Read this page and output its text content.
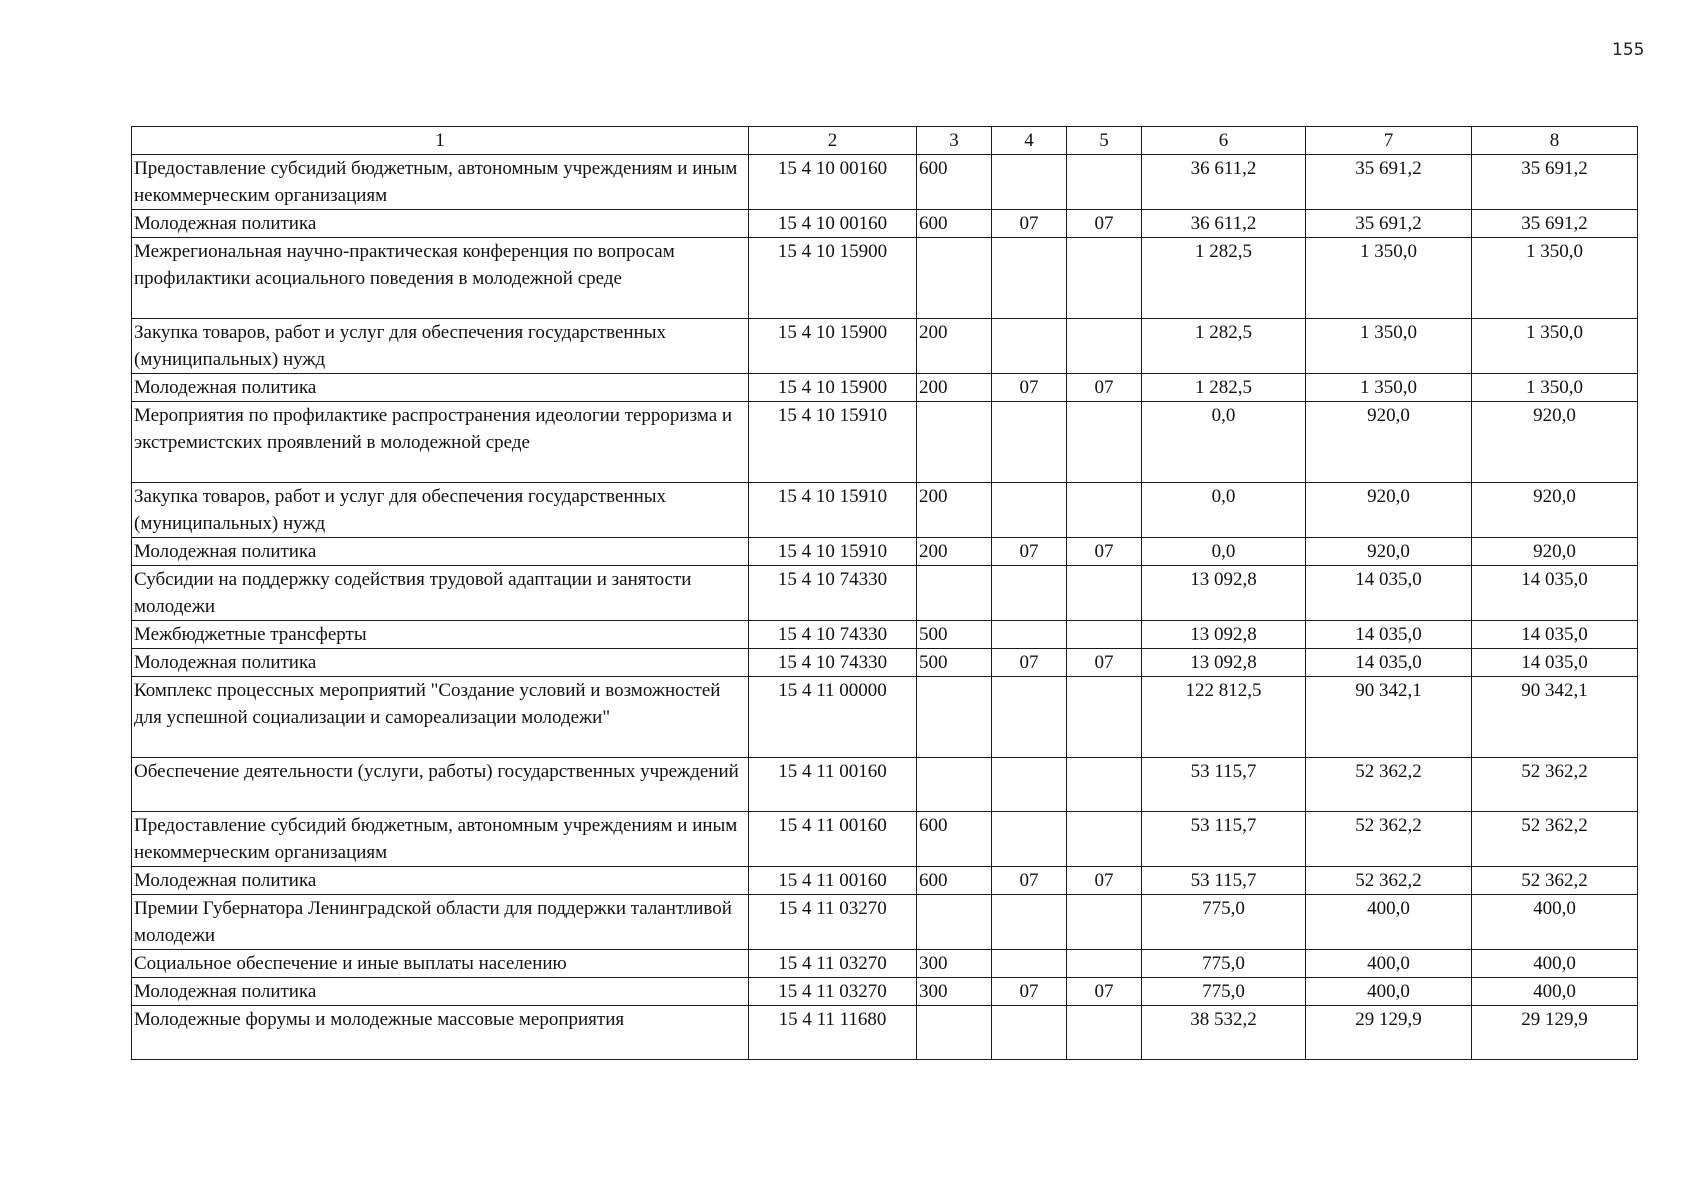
155
1	2	3	4	5	6	7	8
Предоставление субсидий бюджетным, автономным учреждениям и иным некоммерческим организациям	15 4 10 00160	600			36 611,2	35 691,2	35 691,2
Молодежная политика	15 4 10 00160	600	07	07	36 611,2	35 691,2	35 691,2
Межрегиональная научно-практическая конференция по вопросам профилактики асоциального поведения в молодежной среде	15 4 10 15900				1 282,5	1 350,0	1 350,0
Закупка товаров, работ и услуг для обеспечения государственных (муниципальных) нужд	15 4 10 15900	200			1 282,5	1 350,0	1 350,0
Молодежная политика	15 4 10 15900	200	07	07	1 282,5	1 350,0	1 350,0
Мероприятия по профилактике распространения идеологии терроризма и экстремистских проявлений в молодежной среде	15 4 10 15910				0,0	920,0	920,0
Закупка товаров, работ и услуг для обеспечения государственных (муниципальных) нужд	15 4 10 15910	200			0,0	920,0	920,0
Молодежная политика	15 4 10 15910	200	07	07	0,0	920,0	920,0
Субсидии на поддержку содействия трудовой адаптации и занятости молодежи	15 4 10 74330				13 092,8	14 035,0	14 035,0
Межбюджетные трансферты	15 4 10 74330	500			13 092,8	14 035,0	14 035,0
Молодежная политика	15 4 10 74330	500	07	07	13 092,8	14 035,0	14 035,0
Комплекс процессных мероприятий "Создание условий и возможностей для успешной социализации и самореализации молодежи"	15 4 11 00000				122 812,5	90 342,1	90 342,1
Обеспечение деятельности (услуги, работы) государственных учреждений	15 4 11 00160				53 115,7	52 362,2	52 362,2
Предоставление субсидий бюджетным, автономным учреждениям и иным некоммерческим организациям	15 4 11 00160	600			53 115,7	52 362,2	52 362,2
Молодежная политика	15 4 11 00160	600	07	07	53 115,7	52 362,2	52 362,2
Премии Губернатора Ленинградской области для поддержки талантливой молодежи	15 4 11 03270				775,0	400,0	400,0
Социальное обеспечение и иные выплаты населению	15 4 11 03270	300			775,0	400,0	400,0
Молодежная политика	15 4 11 03270	300	07	07	775,0	400,0	400,0
Молодежные форумы и молодежные массовые мероприятия	15 4 11 11680				38 532,2	29 129,9	29 129,9
